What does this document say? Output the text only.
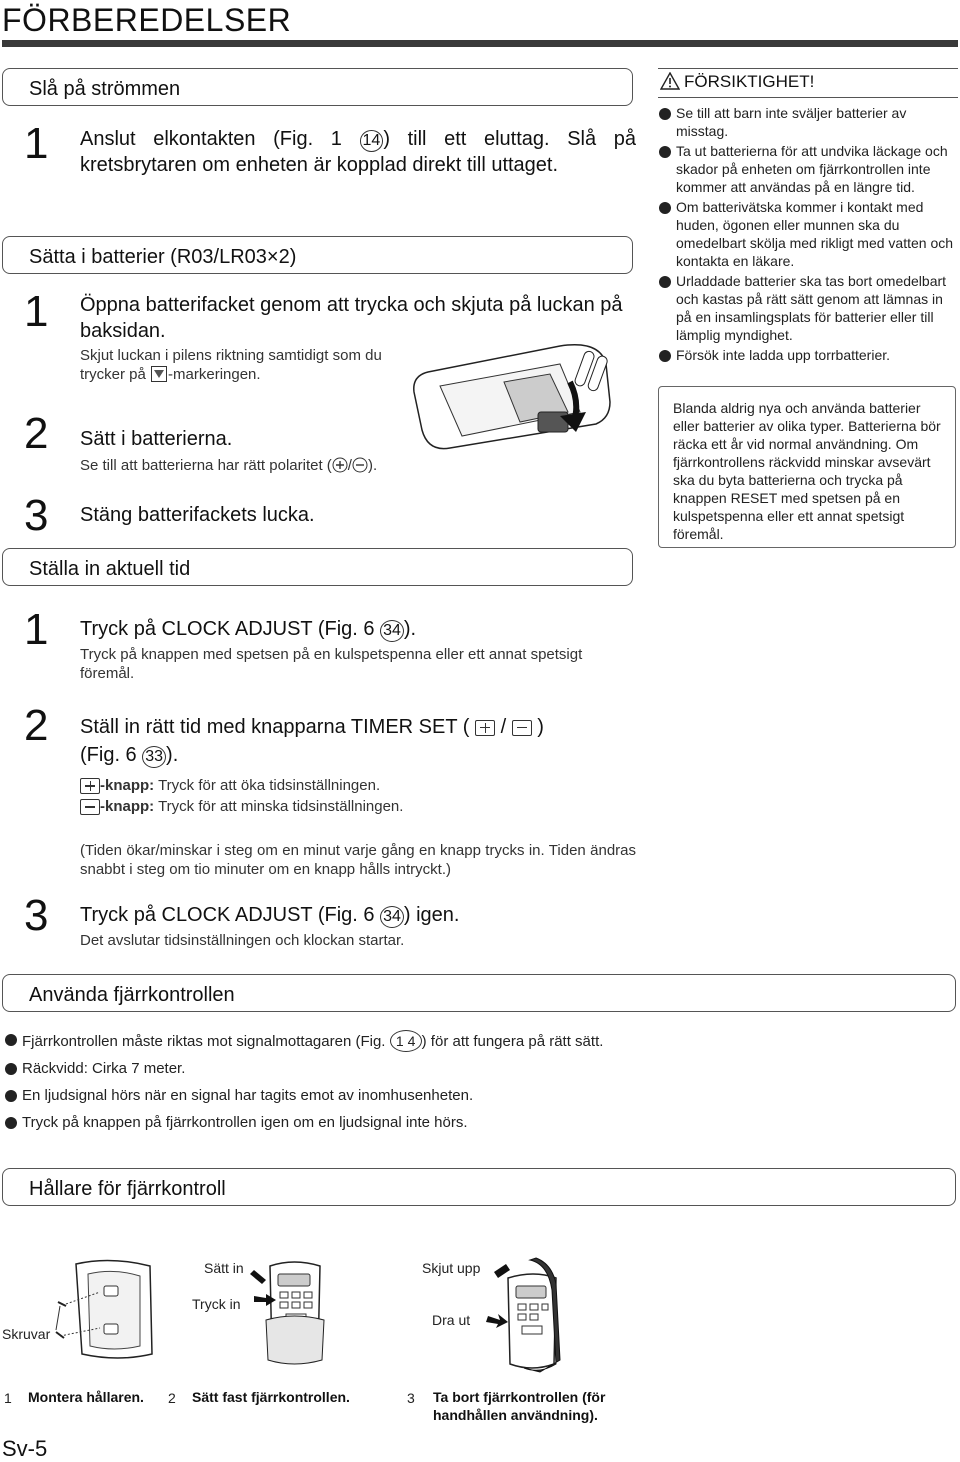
FÖRBEREDELSER
Slå på strömmen
1 Anslut elkontakten (Fig. 1 14 ) till ett eluttag. Slå på kretsbrytaren om enheten är kopplad direkt till uttaget.
Sätta i batterier (R03/LR03×2)
1 Öppna batterifacket genom att trycka och skjuta på luckan på baksidan.
Skjut luckan i pilens riktning samtidigt som du trycker på -markeringen.
2 Sätt i batterierna.
Se till att batterierna har rätt polaritet ( / ).
3 Stäng batterifackets lucka.
FÖRSIKTIGHET!
Se till att barn inte sväljer batterier av misstag.
Ta ut batterierna för att undvika läckage och skador på enheten om fjärrkontrollen inte kommer att användas på en längre tid.
Om batterivätska kommer i kontakt med huden, ögonen eller munnen ska du omedelbart skölja med rikligt med vatten och kontakta en läkare.
Urladdade batterier ska tas bort omedelbart och kastas på rätt sätt genom att lämnas in på en insamlingsplats för batterier eller till lämplig myndighet.
Försök inte ladda upp torrbatterier.
Blanda aldrig nya och använda batterier eller batterier av olika typer. Batterierna bör räcka ett år vid normal användning. Om fjärrkontrollens räckvidd minskar avsevärt ska du byta batterierna och trycka på knappen RESET med spetsen på en kulspetspenna eller ett annat spetsigt föremål.
Ställa in aktuell tid
1 Tryck på CLOCK ADJUST (Fig. 6 34 ).
Tryck på knappen med spetsen på en kulspetspenna eller ett annat spetsigt föremål.
2 Ställ in rätt tid med knapparna TIMER SET ( / )
(Fig. 6 33 ).
-knapp: Tryck för att öka tidsinställningen.
-knapp: Tryck för att minska tidsinställningen.
(Tiden ökar/minskar i steg om en minut varje gång en knapp trycks in. Tiden ändras snabbt i steg om tio minuter om en knapp hålls intryckt.)
3 Tryck på CLOCK ADJUST (Fig. 6 34 ) igen.
Det avslutar tidsinställningen och klockan startar.
Använda fjärrkontrollen
Fjärrkontrollen måste riktas mot signalmottagaren (Fig. 1 4 ) för att fungera på rätt sätt.
Räckvidd: Cirka 7 meter.
En ljudsignal hörs när en signal har tagits emot av inomhusenheten.
Tryck på knappen på fjärrkontrollen igen om en ljudsignal inte hörs.
Hållare för fjärrkontroll
Skruvar
Sätt in
Tryck in
Skjut upp
Dra ut
1 Montera hållaren. 2 Sätt fast fjärrkontrollen.	3 Ta bort fjärrkontrollen (för handhållen användning).
Sv-5
